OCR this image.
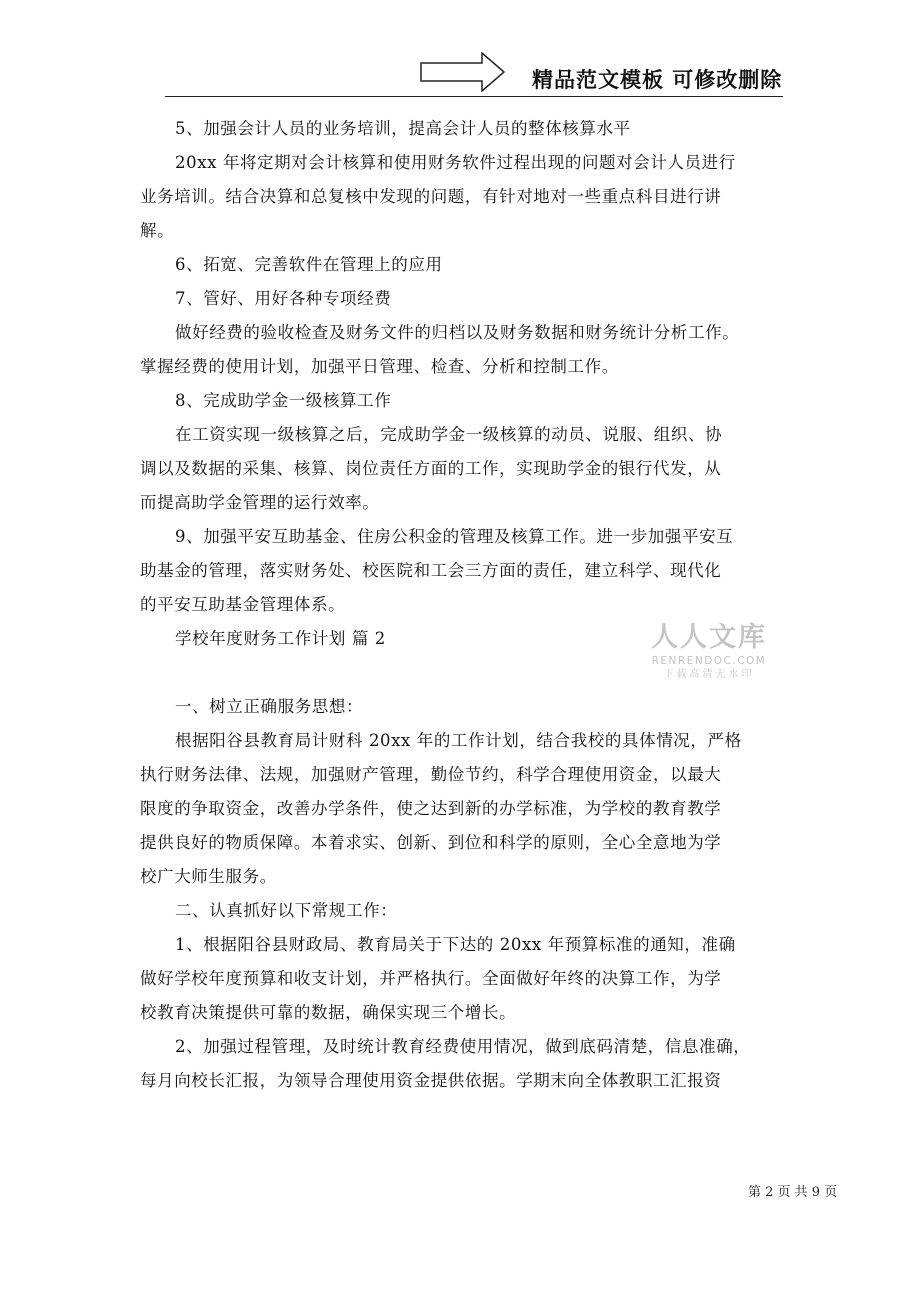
精品范文模板 可修改删除
5、加强会计人员的业务培训，提高会计人员的整体核算水平
20xx 年将定期对会计核算和使用财务软件过程出现的问题对会计人员进行
业务培训。结合决算和总复核中发现的问题，有针对地对一些重点科目进行讲
解。
6、拓宽、完善软件在管理上的应用
7、管好、用好各种专项经费
做好经费的验收检查及财务文件的归档以及财务数据和财务统计分析工作。
掌握经费的使用计划，加强平日管理、检查、分析和控制工作。
8、完成助学金一级核算工作
在工资实现一级核算之后，完成助学金一级核算的动员、说服、组织、协
调以及数据的采集、核算、岗位责任方面的工作，实现助学金的银行代发，从
而提高助学金管理的运行效率。
9、加强平安互助基金、住房公积金的管理及核算工作。进一步加强平安互
助基金的管理，落实财务处、校医院和工会三方面的责任，建立科学、现代化
的平安互助基金管理体系。
学校年度财务工作计划 篇 2
一、树立正确服务思想：
根据阳谷县教育局计财科 20xx 年的工作计划，结合我校的具体情况，严格
执行财务法律、法规，加强财产管理，勤俭节约，科学合理使用资金，以最大
限度的争取资金，改善办学条件，使之达到新的办学标准，为学校的教育教学
提供良好的物质保障。本着求实、创新、到位和科学的原则，全心全意地为学
校广大师生服务。
二、认真抓好以下常规工作：
1、根据阳谷县财政局、教育局关于下达的 20xx 年预算标准的通知，准确
做好学校年度预算和收支计划，并严格执行。全面做好年终的决算工作，为学
校教育决策提供可靠的数据，确保实现三个增长。
2、加强过程管理，及时统计教育经费使用情况，做到底码清楚，信息准确，
每月向校长汇报，为领导合理使用资金提供依据。学期末向全体教职工汇报资
人人文库
RENRENDOC.COM
下载高清无水印
第 2 页 共 9 页
